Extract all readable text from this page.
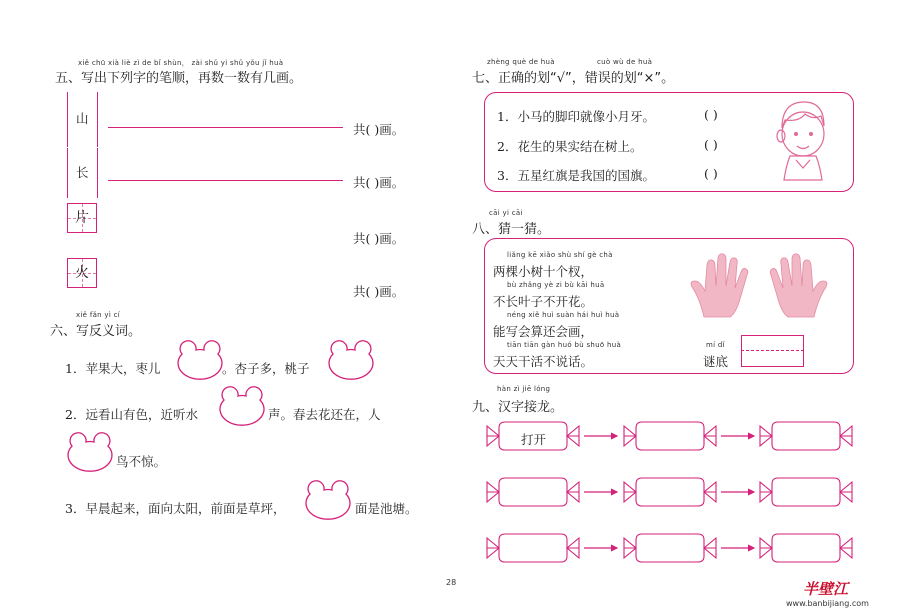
xiě chū xià liè zì de bǐ shùn， zài shǔ yi shǔ yǒu jǐ huà
五、写出下列字的笔顺，再数一数有几画。
山
共( )画。
长
共( )画。
片
共( )画。
火
共( )画。
xiě fǎn yì cí
六、写反义词。
1．苹果大，枣儿	。杏子多，桃子
2．远看山有色，近听水	声。春去花还在，人
鸟不惊。
3．早晨起来，面向太阳，前面是草坪，	面是池塘。
zhèng què de huà	cuò wù de huà
七、正确的划“√”，错误的划“×”。
1．小马的脚印就像小月牙。	( )
2．花生的果实结在树上。	( )
3．五星红旗是我国的国旗。	( )
cāi yi cāi
八、猜一猜。
liǎng kē xiǎo shù shí gè chà
两棵小树十个杈，
bù zhǎng yè zi bù kāi huā
不长叶子不开花。
néng xiě huì suàn hái huì huà
能写会算还会画，
tiān tiān gàn huó bù shuō huà
天天干活不说话。
mí dǐ
谜底
hàn zì jiē lóng
九、汉字接龙。
打开
28	半壁江
www.banbijiang.com
